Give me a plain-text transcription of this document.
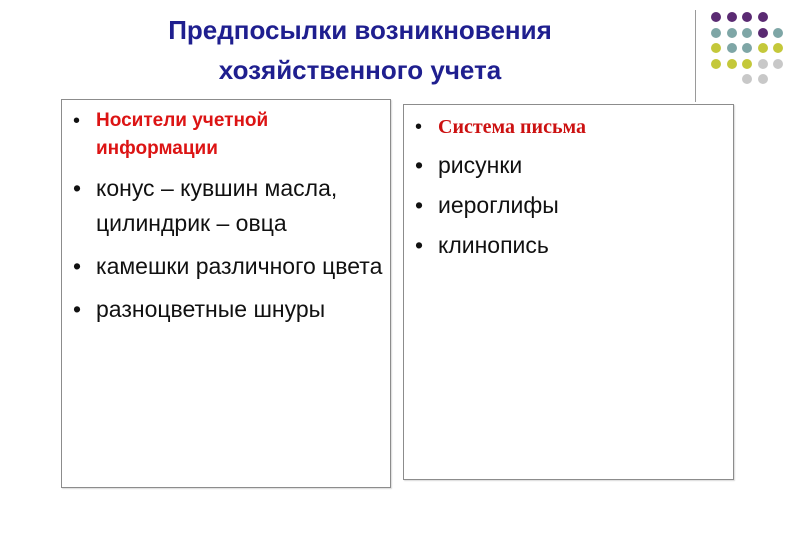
Предпосылки возникновения
хозяйственного учета
• Носители учетной информации
• конус – кувшин масла, цилиндрик – овца
• камешки различного цвета
• разноцветные шнуры
• Система письма
• рисунки
• иероглифы
• клинопись
